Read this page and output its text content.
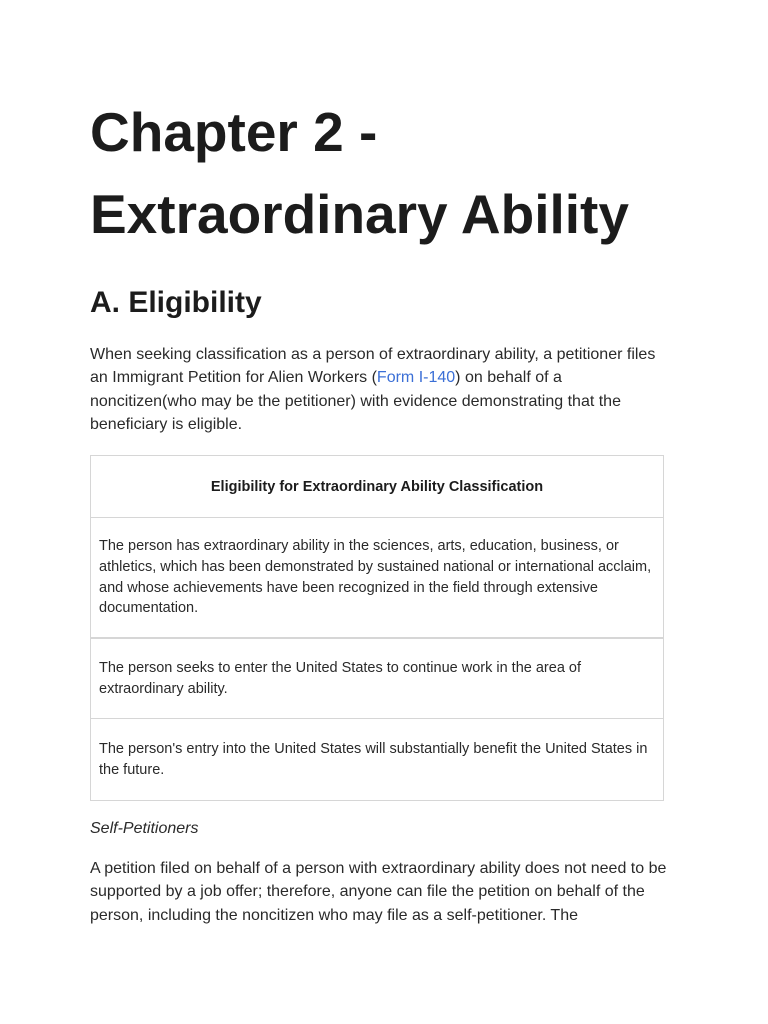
Chapter 2 -
Extraordinary Ability
A. Eligibility

When seeking classification as a person of extraordinary ability, a petitioner files an Immigrant Petition for Alien Workers (Form I-140) on behalf of a noncitizen(who may be the petitioner) with evidence demonstrating that the beneficiary is eligible.

Eligibility for Extraordinary Ability Classification
The person has extraordinary ability in the sciences, arts, education, business, or athletics, which has been demonstrated by sustained national or international acclaim, and whose achievements have been recognized in the field through extensive documentation.
The person seeks to enter the United States to continue work in the area of extraordinary ability.
The person's entry into the United States will substantially benefit the United States in the future.
Self-Petitioners

A petition filed on behalf of a person with extraordinary ability does not need to be supported by a job offer; therefore, anyone can file the petition on behalf of the person, including the noncitizen who may file as a self-petitioner. The
